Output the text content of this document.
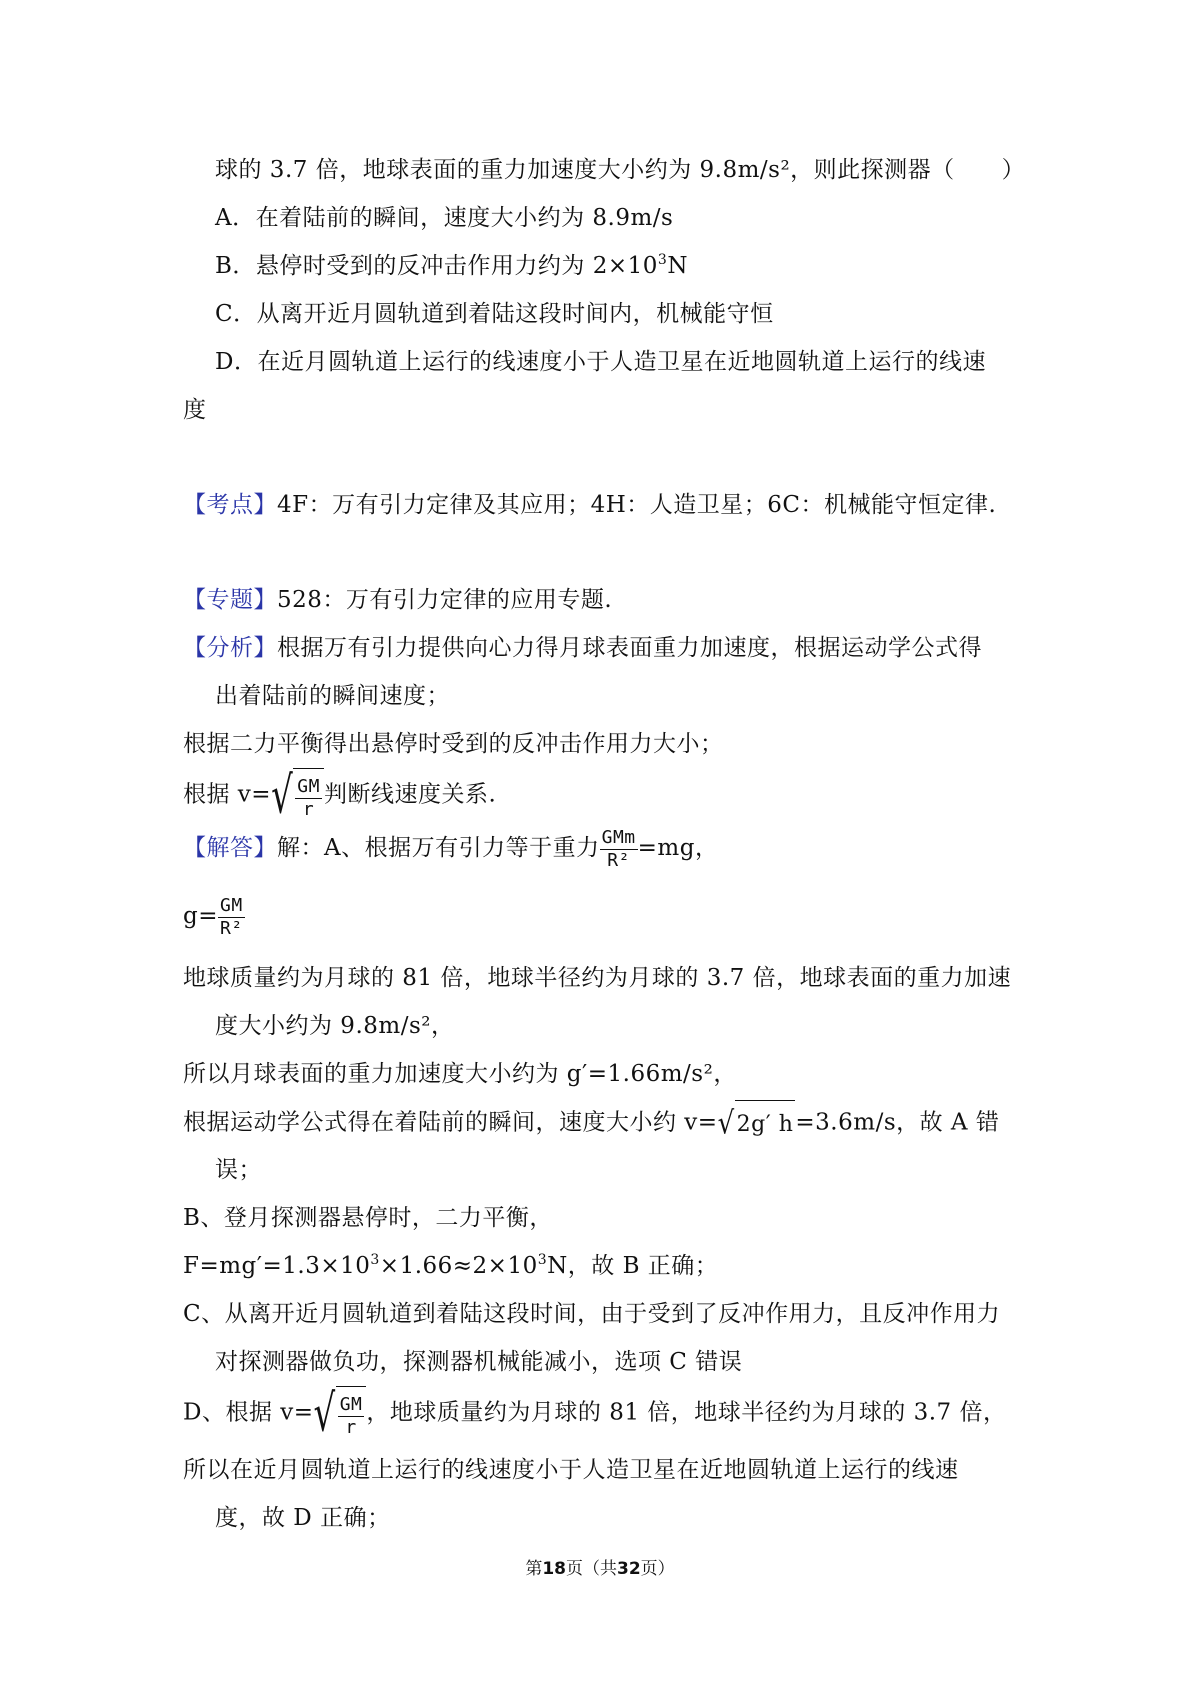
球的 3.7 倍，地球表面的重力加速度大小约为 9.8m/s²，则此探测器（　　）
A．在着陆前的瞬间，速度大小约为 8.9m/s
B．悬停时受到的反冲击作用力约为 $2\times 10^3N$
C．从离开近月圆轨道到着陆这段时间内，机械能守恒
D．在近月圆轨道上运行的线速度小于人造卫星在近地圆轨道上运行的线速
度
【考点】4F：万有引力定律及其应用；4H：人造卫星；6C：机械能守恒定律.
【专题】528：万有引力定律的应用专题.
【分析】根据万有引力提供向心力得月球表面重力加速度，根据运动学公式得
出着陆前的瞬间速度；
根据二力平衡得出悬停时受到的反冲击作用力大小；
根据 $v=√ \frac{GM}{r}$ 判断线速度关系.
【解答】解：A、根据万有引力等于重力 $\frac{\text{GMm}}{\text{R²}} =mg$，
$g= \frac{GM}{\text{R²}}$
地球质量约为月球的 81 倍，地球半径约为月球的 3.7 倍，地球表面的重力加速
度大小约为 9.8m/s²，
所以月球表面的重力加速度大小约为 g′=1.66m/s²，
根据运动学公式得在着陆前的瞬间，速度大小约 v=√2g′ h=3.6m/s，故 A 错
误；
B、登月探测器悬停时，二力平衡，
$F=mg'=1.3\times 10^3\times 1.66\approx 2\times 10^3N$，故 B 正确；
C、从离开近月圆轨道到着陆这段时间，由于受到了反冲作用力，且反冲作用力
对探测器做负功，探测器机械能减小，选项 C 错误
D、根据 $v=√ \frac{GM}{r}$ ，地球质量约为月球的 81 倍，地球半径约为月球的 3.7 倍，
所以在近月圆轨道上运行的线速度小于人造卫星在近地圆轨道上运行的线速
度，故 D 正确；
第18页（共32页）
